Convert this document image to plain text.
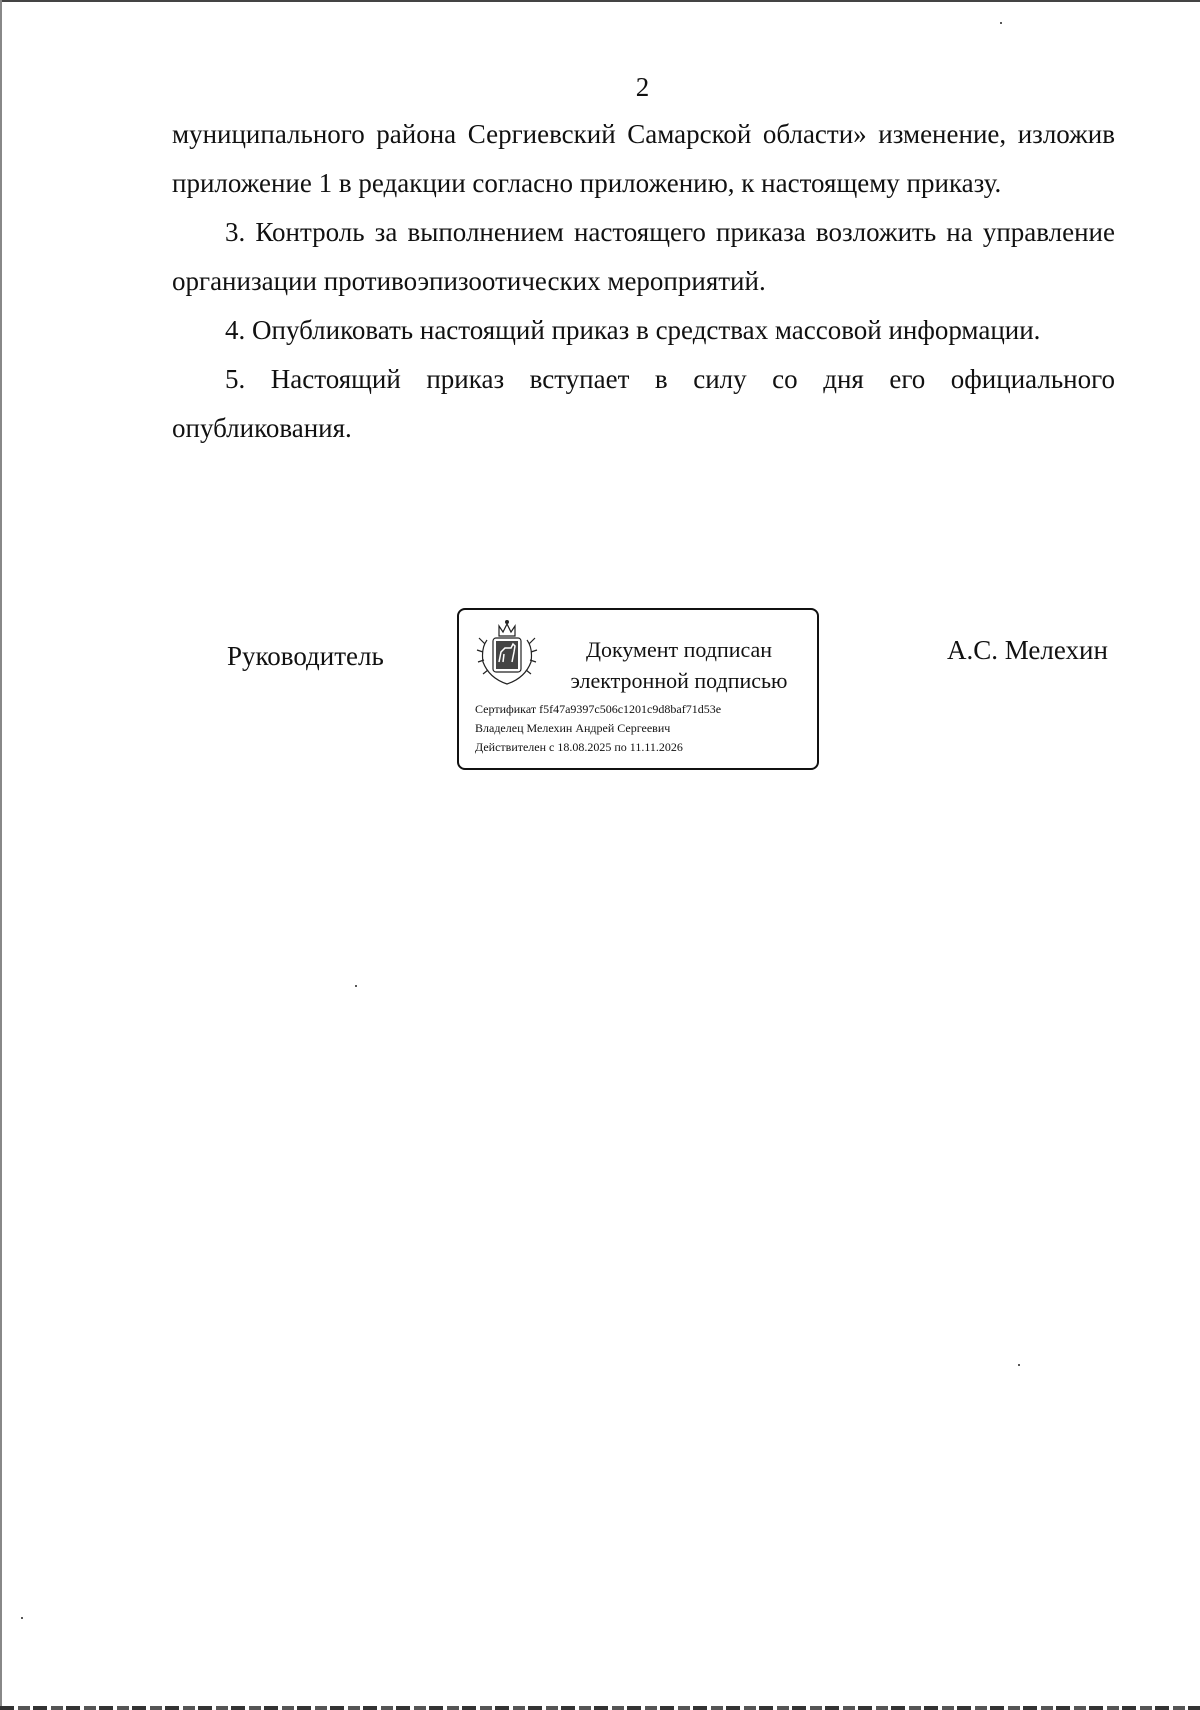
2

муниципального района Сергиевский Самарской области» изменение, изложив приложение 1 в редакции согласно приложению, к настоящему приказу.

3. Контроль за выполнением настоящего приказа возложить на управление организации противоэпизоотических мероприятий.

4. Опубликовать настоящий приказ в средствах массовой информации.

5. Настоящий приказ вступает в силу со дня его официального опубликования.

Руководитель	Документ подписан
электронной подписью
Сертификат f5f47a9397c506c1201c9d8baf71d53e
Владелец Мелехин Андрей Сергеевич
Действителен с 18.08.2025 по 11.11.2026
А.С. Мелехин
